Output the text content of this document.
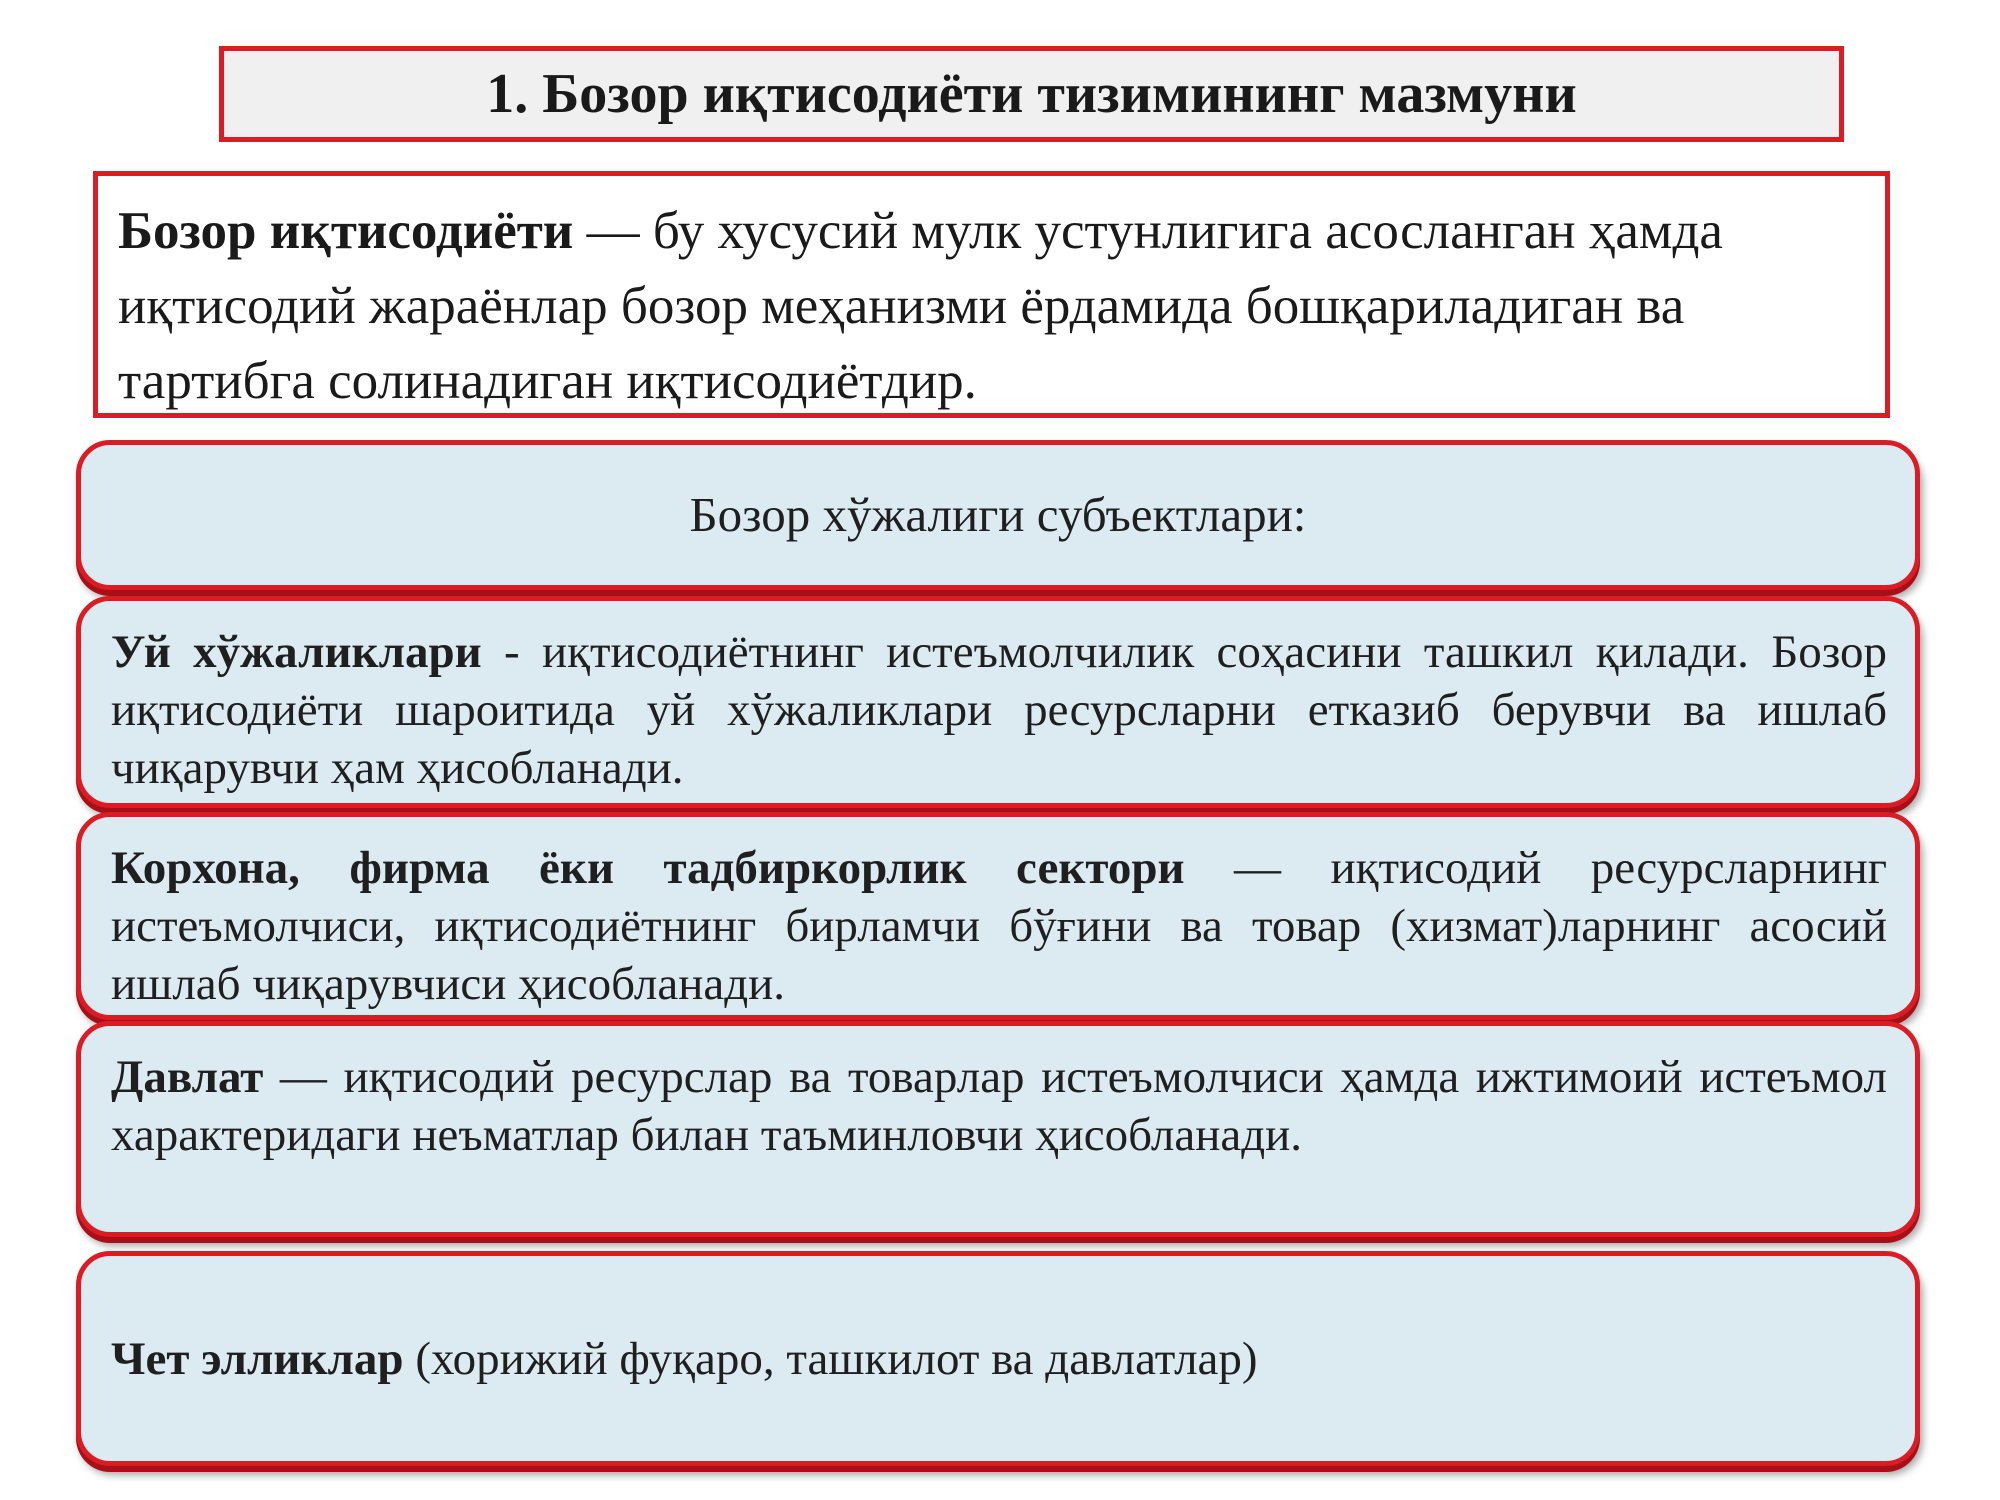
1. Бозор иқтисодиёти тизимининг мазмуни
Бозор иқтисодиёти — бу хусусий мулк устунлигига асосланган ҳамда иқтисодий жараёнлар бозор меҳанизми ёрдамида бошқариладиган ва тартибга солинадиган иқтисодиётдир.
Бозор хўжалиги субъектлари:
Уй хўжаликлари - иқтисодиётнинг истеъмолчилик соҳасини ташкил қилади. Бозор иқтисодиёти шароитида уй хўжаликлари ресурсларни етказиб берувчи ва ишлаб чиқарувчи ҳам ҳисобланади.
Корхона, фирма ёки тадбиркорлик сектори — иқтисодий ресурсларнинг истеъмолчиси, иқтисодиётнинг бирламчи бўғини ва товар (хизмат)ларнинг асосий ишлаб чиқарувчиси ҳисобланади.
Давлат — иқтисодий ресурслар ва товарлар истеъмолчиси ҳамда ижтимоий истеъмол характеридаги неъматлар билан таъминловчи ҳисобланади.
Чет элликлар (хорижий фуқаро, ташкилот ва давлатлар)
